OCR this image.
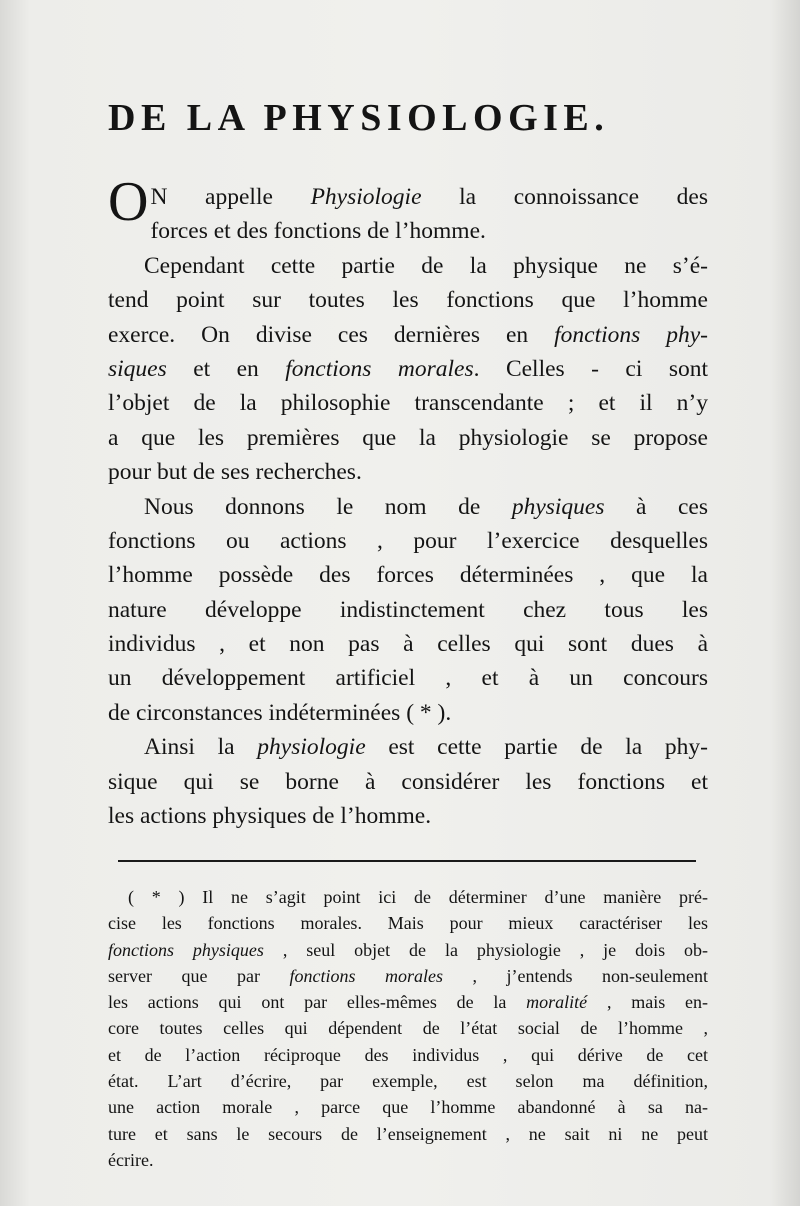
DE LA PHYSIOLOGIE.
O N appelle Physiologie la connoissance des
forces et des fonctions de l’homme.
Cependant cette partie de la physique ne s’é-
tend point sur toutes les fonctions que l’homme
exerce. On divise ces dernières en fonctions phy-
siques et en fonctions morales. Celles - ci sont
l’objet de la philosophie transcendante ; et il n’y
a que les premières que la physiologie se propose
pour but de ses recherches.
Nous donnons le nom de physiques à ces
fonctions ou actions , pour l’exercice desquelles
l’homme possède des forces déterminées , que la
nature développe indistinctement chez tous les
individus , et non pas à celles qui sont dues à
un développement artificiel , et à un concours
de circonstances indéterminées ( * ).
Ainsi la physiologie est cette partie de la phy-
sique qui se borne à considérer les fonctions et
les actions physiques de l’homme.
( * ) Il ne s’agit point ici de déterminer d’une manière pré-
cise les fonctions morales. Mais pour mieux caractériser les
fonctions physiques , seul objet de la physiologie , je dois ob-
server que par fonctions morales , j’entends non-seulement
les actions qui ont par elles-mêmes de la moralité , mais en-
core toutes celles qui dépendent de l’état social de l’homme ,
et de l’action réciproque des individus , qui dérive de cet
état. L’art d’écrire, par exemple, est selon ma définition,
une action morale , parce que l’homme abandonné à sa na-
ture et sans le secours de l’enseignement , ne sait ni ne peut
écrire.
